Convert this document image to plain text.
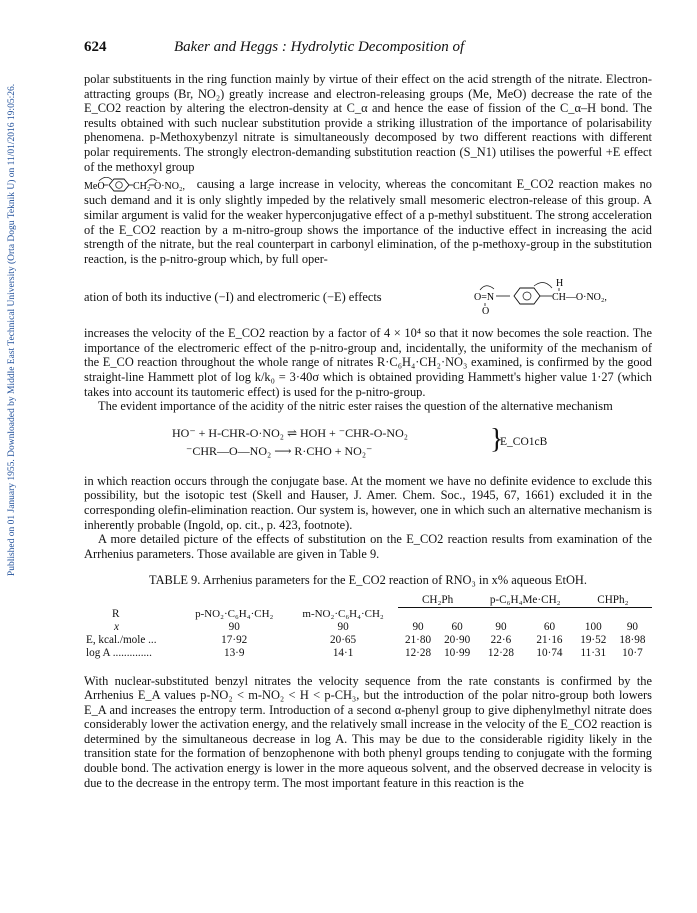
Published on 01 January 1955. Downloaded by Middle East Technical University (Orta Dogu Teknik U) on 11/01/2016 19:05:26.
624	Baker and Heggs : Hydrolytic Decomposition of

polar substituents in the ring function mainly by virtue of their effect on the acid strength of the nitrate. Electron-attracting groups (Br, NO₂) greatly increase and electron-releasing groups (Me, MeO) decrease the rate of the E_CO2 reaction by altering the electron-density at C_α and hence the ease of fission of the C_α–H bond. The results obtained with such nuclear substitution provide a striking illustration of the importance of polarisability phenomena. p-Methoxybenzyl nitrate is simultaneously decomposed by two different reactions with different polar requirements. The strongly electron-demanding substitution reaction (S_N1) utilises the powerful +E effect of the methoxyl group

MeO	CH₂ O·NO₂, causing a large increase in velocity, whereas the concomitant E_CO2 reaction makes no such demand and it is only slightly impeded by the relatively small mesomeric electron-release of this group. A similar argument is valid for the weaker hyperconjugative effect of a p-methyl substituent. The strong acceleration of the E_CO2 reaction by a m-nitro-group shows the importance of the inductive effect in increasing the acid strength of the nitrate, but the real counterpart in carbonyl elimination, of the p-methoxy-group in the substitution reaction, is the p-nitro-group which, by full oper-

ation of both its inductive (−I) and electromeric (−E) effects	O=N
O
CH—O·NO₂,
H

increases the velocity of the E_CO2 reaction by a factor of 4 × 10⁴ so that it now becomes the sole reaction. The importance of the electromeric effect of the p-nitro-group and, incidentally, the uniformity of the mechanism of the E_CO reaction throughout the whole range of nitrates R·C₆H₄·CH₂·NO₃ examined, is confirmed by the good straight-line Hammett plot of log k/k₀ = 3·40σ which is obtained providing Hammett's higher value 1·27 (which takes into account its tautomeric effect) is used for the p-nitro-group.

The evident importance of the acidity of the nitric ester raises the question of the alternative mechanism

HO⁻ + H-CHR-O·NO₂ ⇌ HOH + ⁻CHR-O-NO₂
⁻CHR—O—NO₂ ⟶ R·CHO + NO₂⁻	}
E_CO1cB

in which reaction occurs through the conjugate base. At the moment we have no definite evidence to exclude this possibility, but the isotopic test (Skell and Hauser, J. Amer. Chem. Soc., 1945, 67, 1661) excluded it in the corresponding olefin-elimination reaction. Our system is, however, one in which such an alternative mechanism is inherently probable (Ingold, op. cit., p. 423, footnote).

A more detailed picture of the effects of substitution on the E_CO2 reaction results from examination of the Arrhenius parameters. Those available are given in Table 9.

TABLE 9. Arrhenius parameters for the E_CO2 reaction of RNO₃ in x% aqueous EtOH.
			CH₂Ph		p-C₆H₄Me·CH₂		CHPh₂	
R	p-NO₂·C₆H₄·CH₂	m-NO₂·C₆H₄·CH₂						
x	90	90	90	60	90	60	100	90
E, kcal./mole ...	17·92	20·65	21·80	20·90	22·6	21·16	19·52	18·98
log A ..............	13·9	14·1	12·28	10·99	12·28	10·74	11·31	10·7

With nuclear-substituted benzyl nitrates the velocity sequence from the rate constants is confirmed by the Arrhenius E_A values p-NO₂ < m-NO₂ < H < p-CH₃, but the introduction of the polar nitro-group both lowers E_A and increases the entropy term. Introduction of a second α-phenyl group to give diphenylmethyl nitrate does considerably lower the activation energy, and the relatively small increase in the velocity of the E_CO2 reaction is determined by the simultaneous decrease in log A. This may be due to the considerable rigidity likely in the transition state for the formation of benzophenone with both phenyl groups tending to conjugate with the forming double bond. The activation energy is lower in the more aqueous solvent, and the observed decrease in velocity is due to the decrease in the entropy term. The most important feature in this reaction is the
